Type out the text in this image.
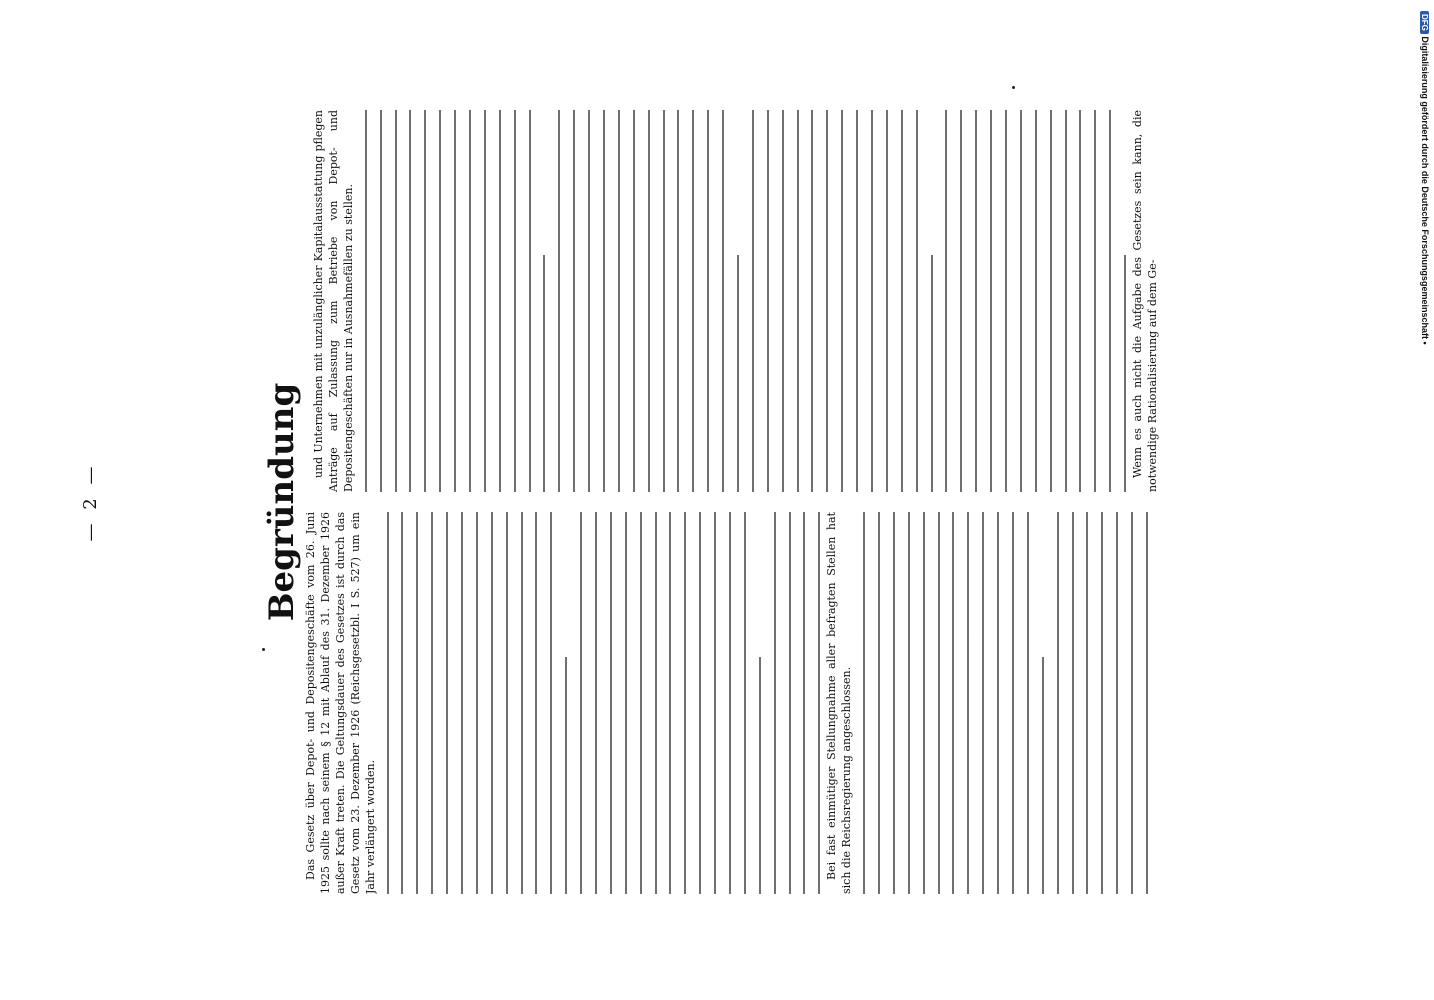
— 2 —	Begründung

Das Gesetz über Depot- und Depositengeschäfte vom 26. Juni 1925 sollte nach seinem § 12 mit Ablauf des 31. Dezember 1926 außer Kraft treten. Die Geltungsdauer des Gesetzes ist durch das Gesetz vom 23. Dezember 1926 (Reichsgesetzbl. I S. 527) um ein Jahr verlängert worden.	Bei fast einmütiger Stellungnahme aller befragten Stellen hat sich die Reichsregierung angeschlossen.

und Unternehmen mit unzulänglicher Kapitalausstattung pflegen Anträge auf Zulassung zum Betriebe von Depot- und Depositengeschäften nur in Ausnahmefällen zu stellen.	Wenn es auch nicht die Aufgabe des Gesetzes sein kann, die notwendige Rationalisierung auf dem Ge-

DFG Digitalisierung gefördert durch die Deutsche Forschungsgemeinschaft •
